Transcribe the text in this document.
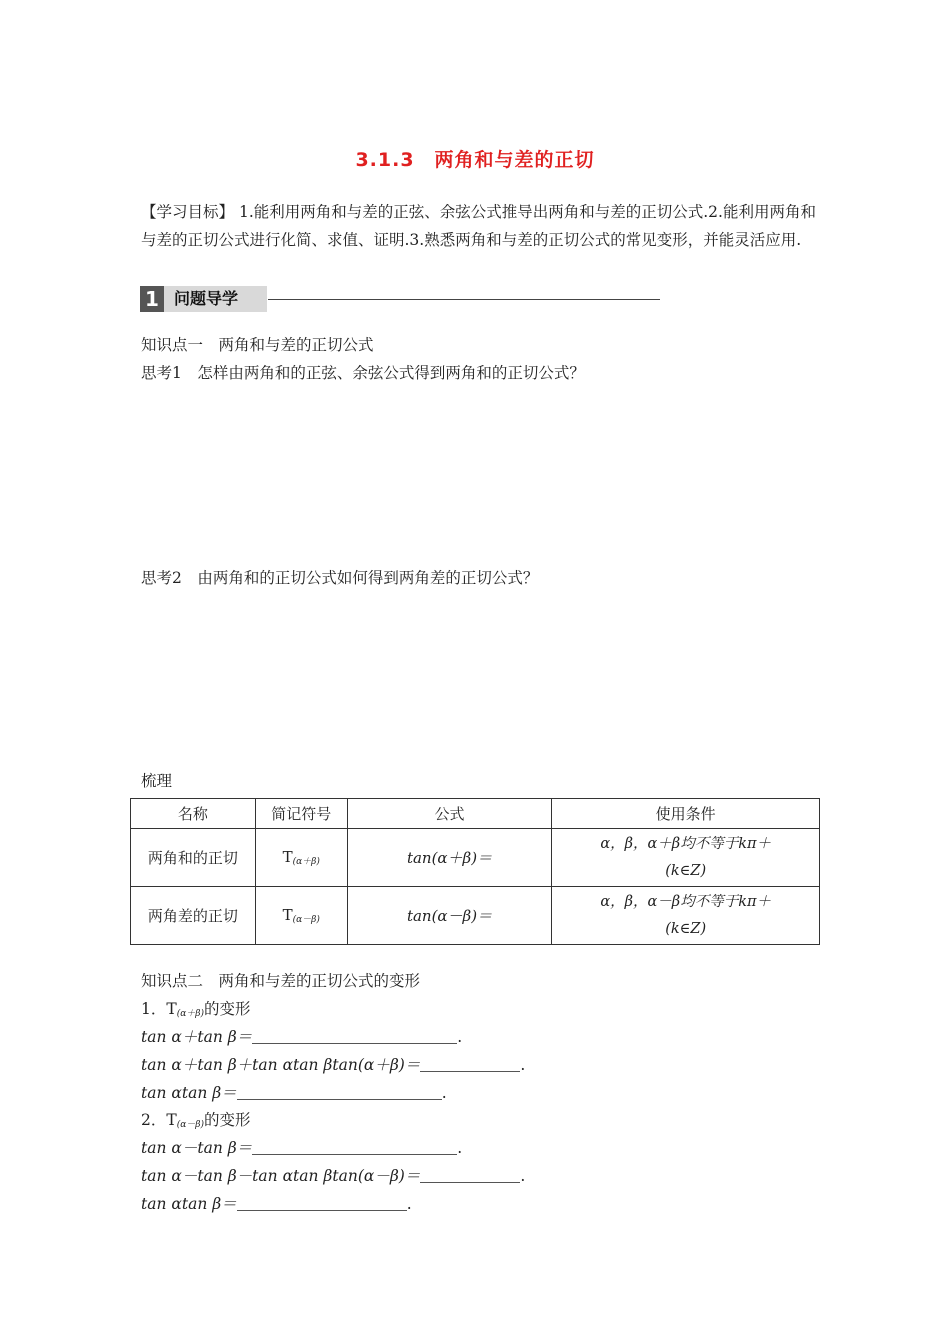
3.1.3　两角和与差的正切
【学习目标】 1.能利用两角和与差的正弦、余弦公式推导出两角和与差的正切公式.2.能利用两角和与差的正切公式进行化简、求值、证明.3.熟悉两角和与差的正切公式的常见变形，并能灵活应用.
1 问题导学
知识点一　两角和与差的正切公式
思考1　怎样由两角和的正弦、余弦公式得到两角和的正切公式？
思考2　由两角和的正切公式如何得到两角差的正切公式？
梳理
名称	简记符号	公式	使用条件
两角和的正切	$T_{(\alpha+\beta)}$	tan(α＋β)＝	α，β，α＋β均不等于kπ＋
(k∈Z)

两角差的正切	$T_{(\alpha-\beta)}$	tan(α－β)＝	α，β，α－β均不等于kπ＋
(k∈Z)
知识点二　两角和与差的正切公式的变形
1．$T_{(\alpha+\beta)}$的变形
tan α＋tan β＝	.
tan α＋tan β＋tan αtan βtan(α＋β)＝	.
tan αtan β＝	.
2．$T_{(\alpha-\beta)}$的变形
tan α－tan β＝	.
tan α－tan β－tan αtan βtan(α－β)＝	.
tan αtan β＝	.
